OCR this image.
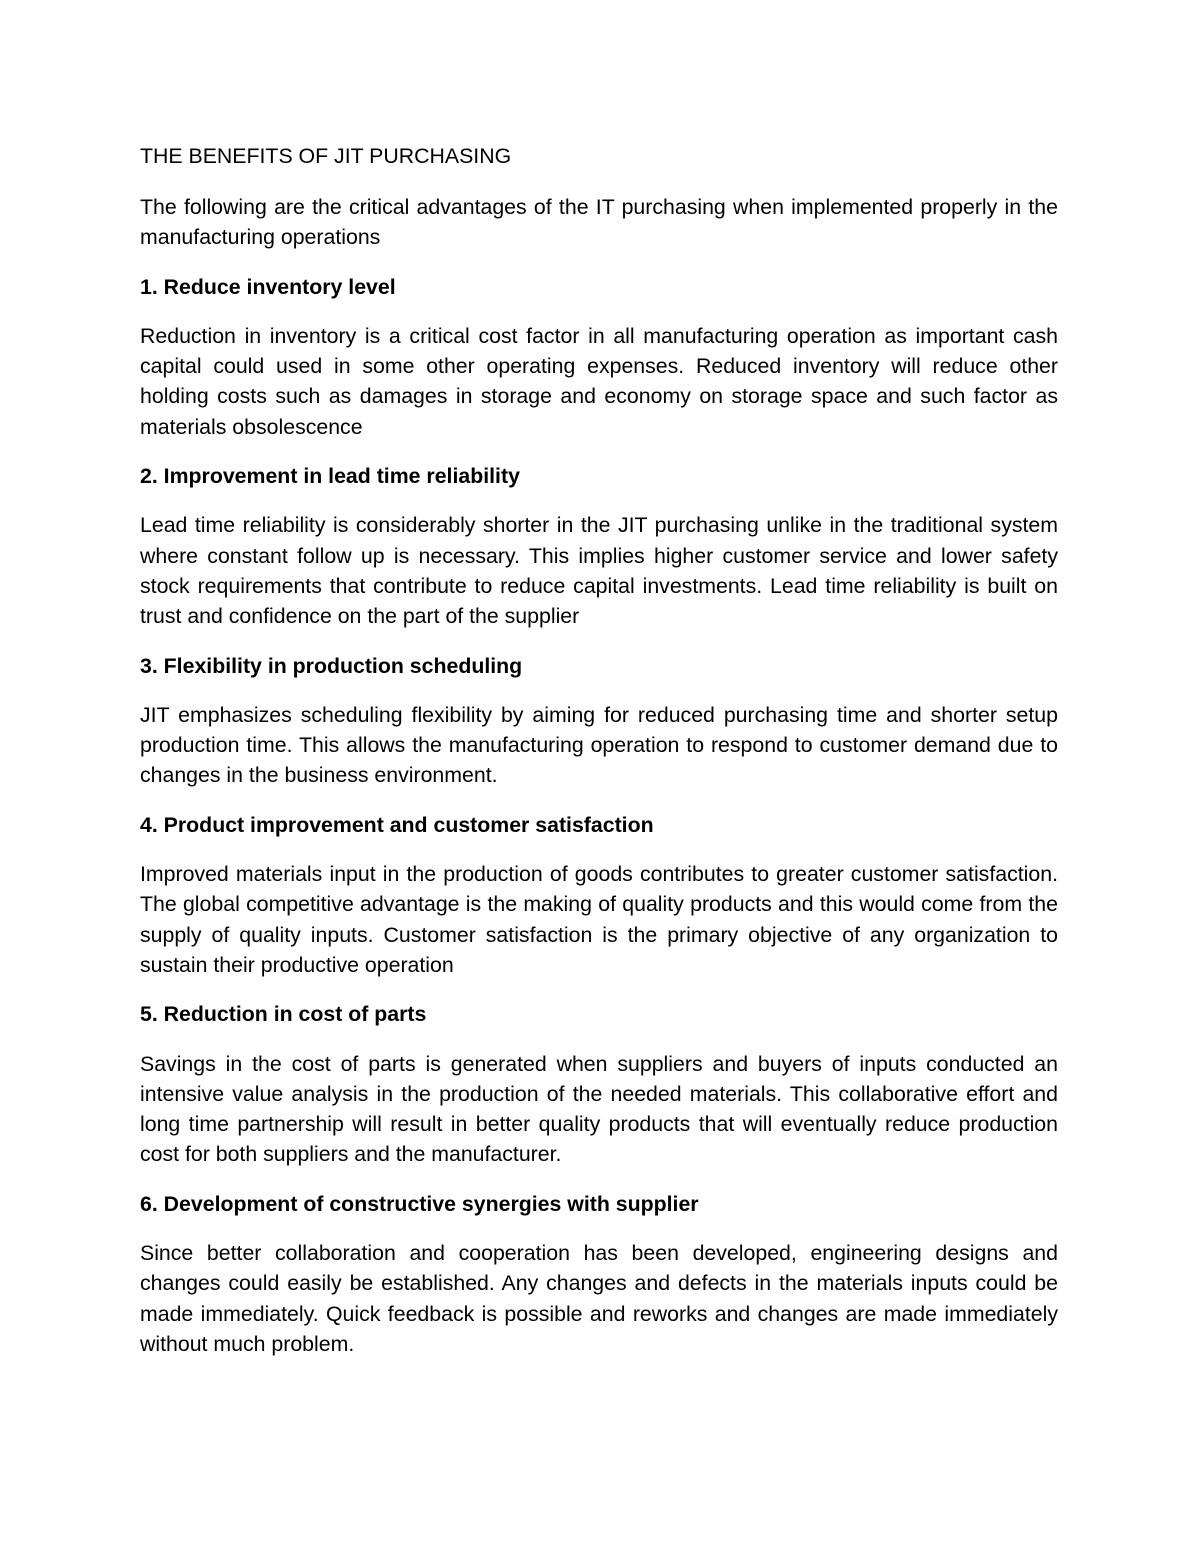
THE BENEFITS OF JIT PURCHASING

The following are the critical advantages of the IT purchasing when implemented properly in the manufacturing operations

1. Reduce inventory level

Reduction in inventory is a critical cost factor in all manufacturing operation as important cash capital could used in some other operating expenses. Reduced inventory will reduce other holding costs such as damages in storage and economy on storage space and such factor as materials obsolescence

2. Improvement in lead time reliability

Lead time reliability is considerably shorter in the JIT purchasing unlike in the traditional system where constant follow up is necessary. This implies higher customer service and lower safety stock requirements that contribute to reduce capital investments. Lead time reliability is built on trust and confidence on the part of the supplier

3. Flexibility in production scheduling

JIT emphasizes scheduling flexibility by aiming for reduced purchasing time and shorter setup production time. This allows the manufacturing operation to respond to customer demand due to changes in the business environment.

4. Product improvement and customer satisfaction

Improved materials input in the production of goods contributes to greater customer satisfaction. The global competitive advantage is the making of quality products and this would come from the supply of quality inputs. Customer satisfaction is the primary objective of any organization to sustain their productive operation

5. Reduction in cost of parts

Savings in the cost of parts is generated when suppliers and buyers of inputs conducted an intensive value analysis in the production of the needed materials. This collaborative effort and long time partnership will result in better quality products that will eventually reduce production cost for both suppliers and the manufacturer.

6. Development of constructive synergies with supplier

Since better collaboration and cooperation has been developed, engineering designs and changes could easily be established. Any changes and defects in the materials inputs could be made immediately. Quick feedback is possible and reworks and changes are made immediately without much problem.
